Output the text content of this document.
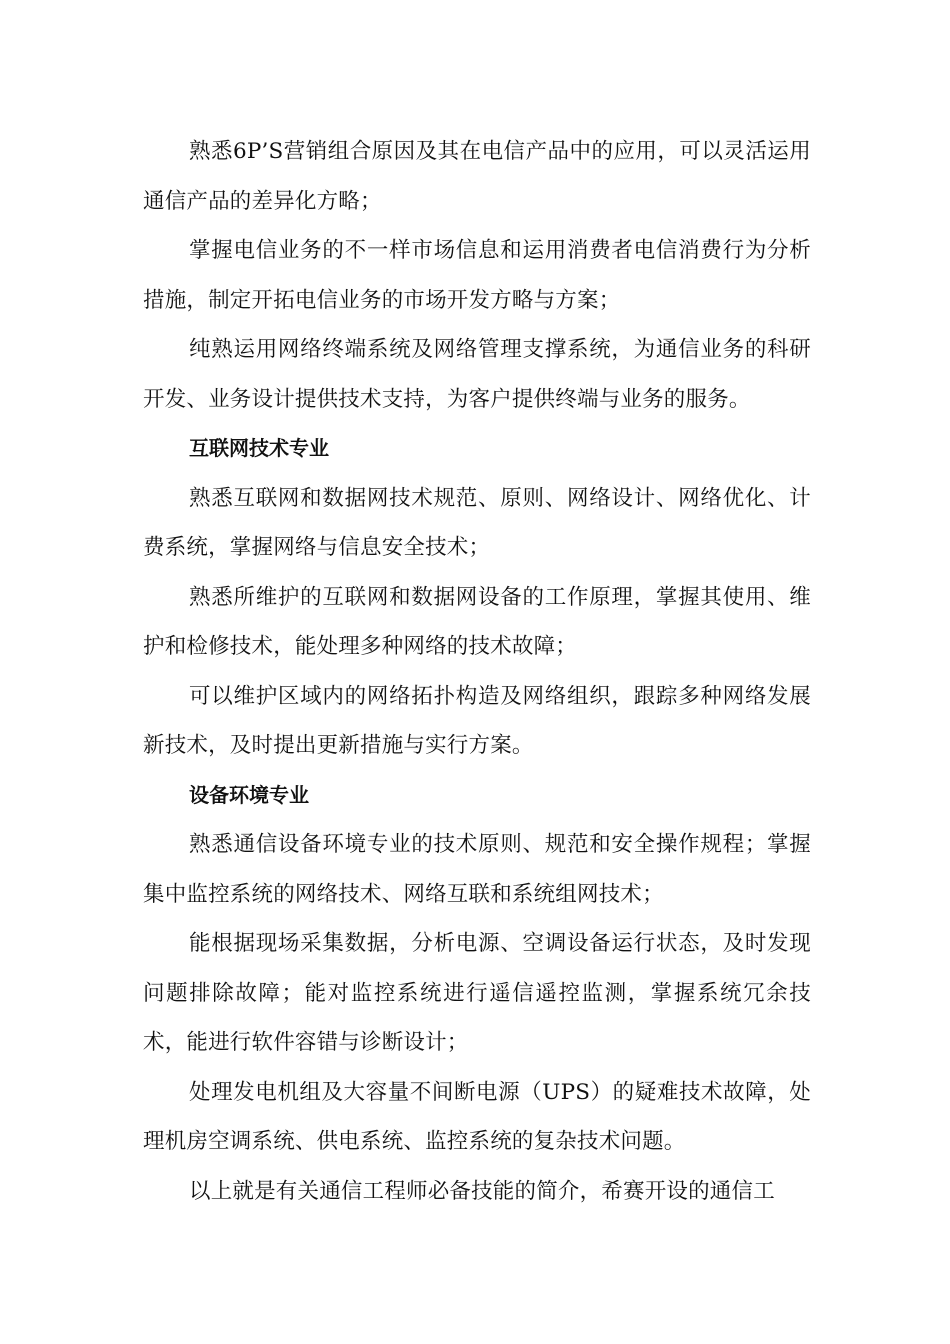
熟悉6P’S营销组合原因及其在电信产品中的应用，可以灵活运用通信产品的差异化方略；

掌握电信业务的不一样市场信息和运用消费者电信消费行为分析措施，制定开拓电信业务的市场开发方略与方案；

纯熟运用网络终端系统及网络管理支撑系统，为通信业务的科研开发、业务设计提供技术支持，为客户提供终端与业务的服务。

互联网技术专业

熟悉互联网和数据网技术规范、原则、网络设计、网络优化、计费系统，掌握网络与信息安全技术；

熟悉所维护的互联网和数据网设备的工作原理，掌握其使用、维护和检修技术，能处理多种网络的技术故障；

可以维护区域内的网络拓扑构造及网络组织，跟踪多种网络发展新技术，及时提出更新措施与实行方案。

设备环境专业

熟悉通信设备环境专业的技术原则、规范和安全操作规程；掌握集中监控系统的网络技术、网络互联和系统组网技术；

能根据现场采集数据，分析电源、空调设备运行状态，及时发现问题排除故障；能对监控系统进行遥信遥控监测，掌握系统冗余技术，能进行软件容错与诊断设计；

处理发电机组及大容量不间断电源（UPS）的疑难技术故障，处理机房空调系统、供电系统、监控系统的复杂技术问题。

以上就是有关通信工程师必备技能的简介，希赛开设的通信工
